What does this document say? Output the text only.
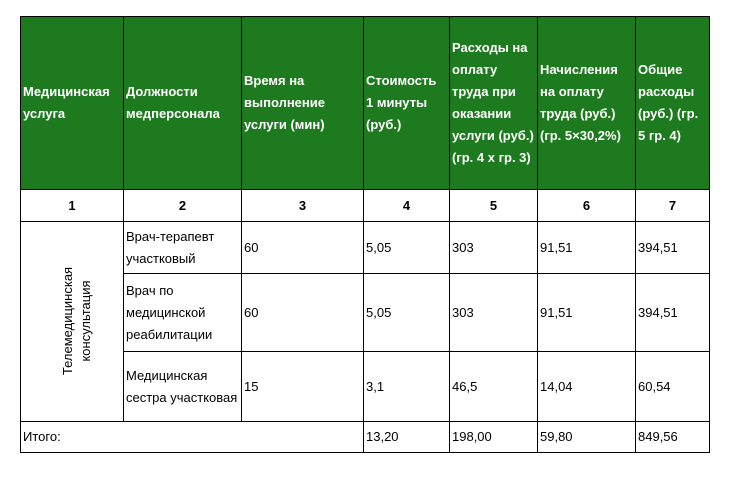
Медицинская услуга	Должности медперсонала	Время на выполнение услуги (мин)	Стоимость 1 минуты (руб.)	Расходы на оплату труда при оказании услуги (руб.) (гр. 4 х гр. 3)	Начисления на оплату труда (руб.) (гр. 5×30,2%)	Общие расходы (руб.) (гр. 5 гр. 4)
1	2	3	4	5	6	7
Телемедицинская консультация	Врач-терапевт участковый	60	5,05	303	91,51	394,51
	Врач по медицинской реабилитации	60	5,05	303	91,51	394,51
	Медицинская сестра участковая	15	3,1	46,5	14,04	60,54
Итого:			13,20	198,00	59,80	849,56
